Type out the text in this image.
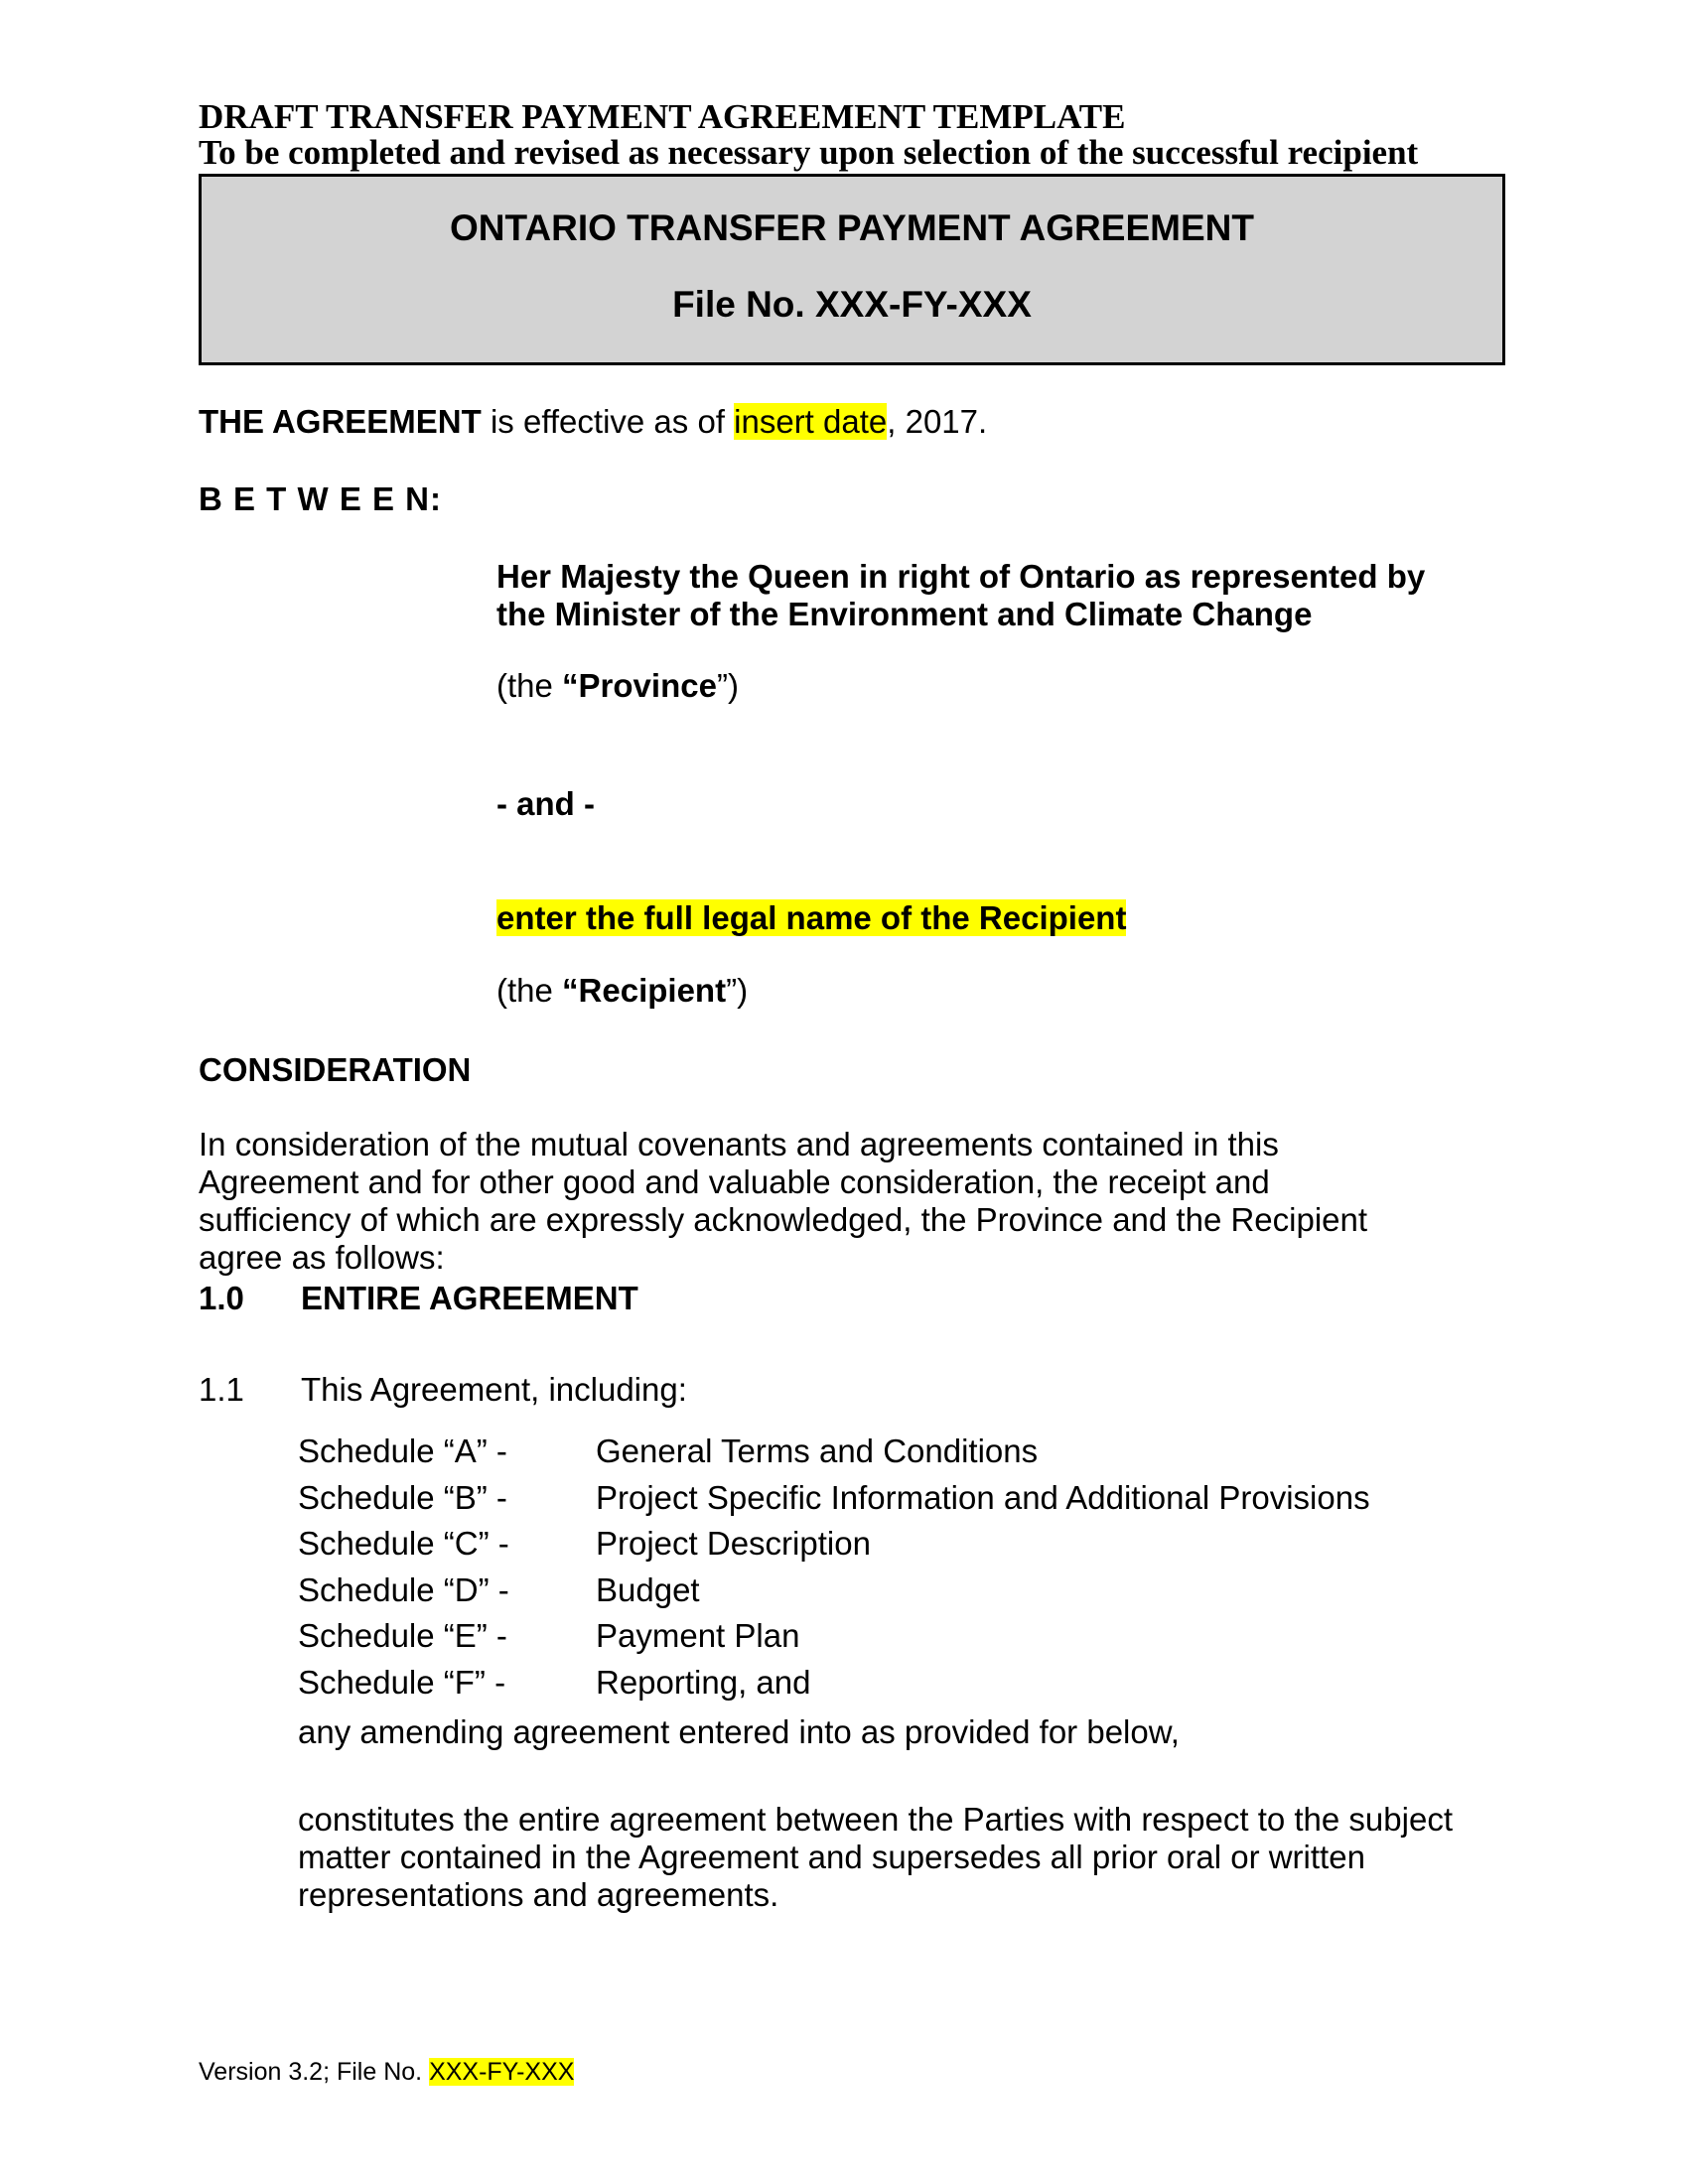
DRAFT TRANSFER PAYMENT AGREEMENT TEMPLATE
To be completed and revised as necessary upon selection of the successful recipient
ONTARIO TRANSFER PAYMENT AGREEMENT
File No. XXX-FY-XXX
THE AGREEMENT is effective as of insert date, 2017.
B E T W E E N:
Her Majesty the Queen in right of Ontario as represented by the Minister of the Environment and Climate Change
(the “Province”)
- and -
enter the full legal name of the Recipient
(the “Recipient”)
CONSIDERATION
In consideration of the mutual covenants and agreements contained in this Agreement and for other good and valuable consideration, the receipt and sufficiency of which are expressly acknowledged, the Province and the Recipient agree as follows:
1.0	ENTIRE AGREEMENT
1.1	This Agreement, including:
Schedule “A” -	General Terms and Conditions
Schedule “B” -	Project Specific Information and Additional Provisions
Schedule “C” -	Project Description
Schedule “D” -	Budget
Schedule “E” -	Payment Plan
Schedule “F” -	Reporting, and
any amending agreement entered into as provided for below,
constitutes the entire agreement between the Parties with respect to the subject matter contained in the Agreement and supersedes all prior oral or written representations and agreements.
Version 3.2; File No. XXX-FY-XXX
